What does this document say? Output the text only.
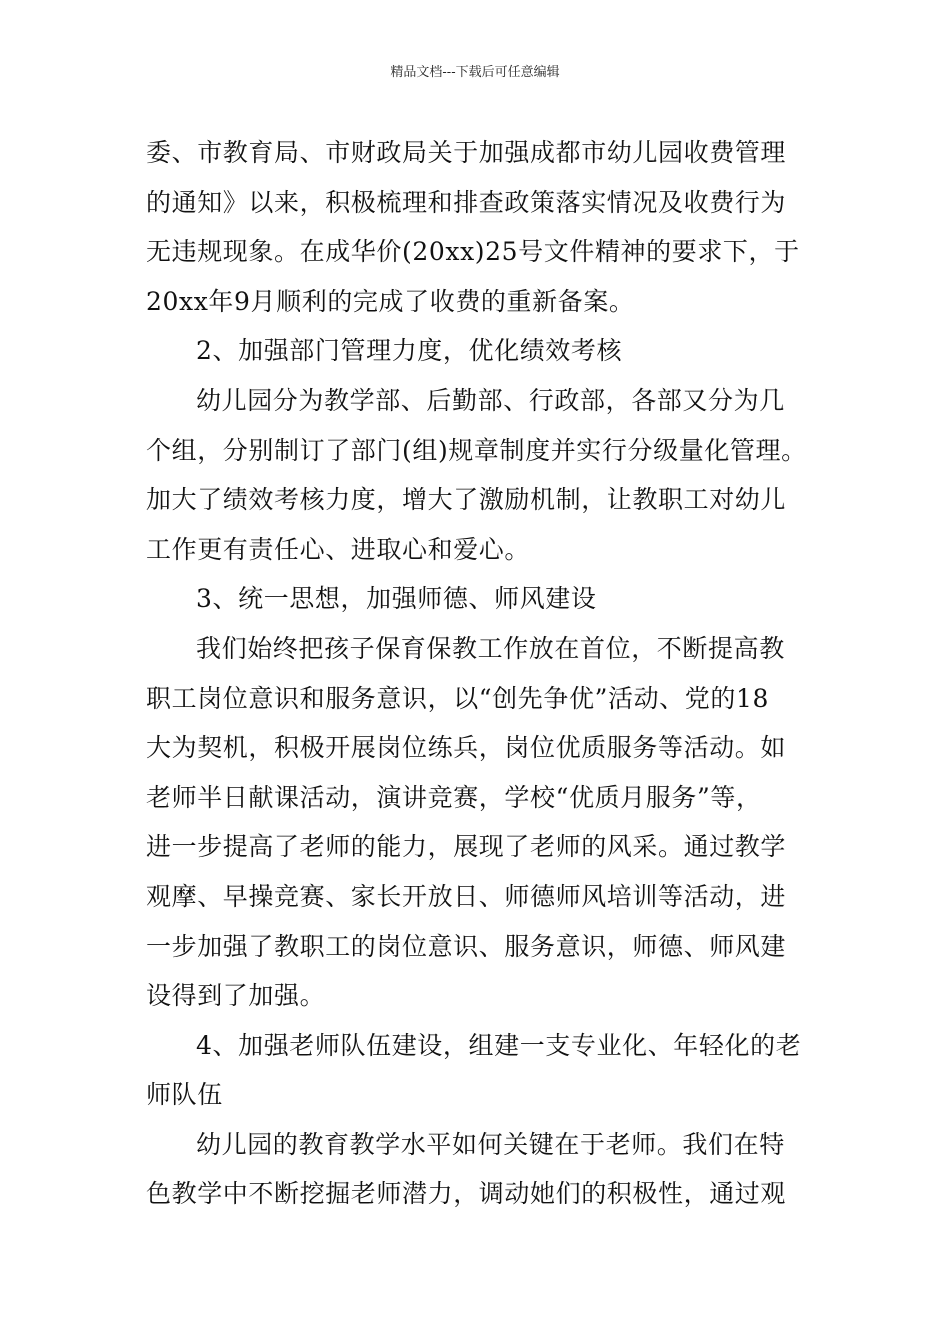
精品文档---下载后可任意编辑
委、市教育局、市财政局关于加强成都市幼儿园收费管理
的通知》以来，积极梳理和排查政策落实情况及收费行为
无违规现象。在成华价(20xx)25号文件精神的要求下，于
20xx年9月顺利的完成了收费的重新备案。
2、加强部门管理力度，优化绩效考核
幼儿园分为教学部、后勤部、行政部，各部又分为几
个组，分别制订了部门(组)规章制度并实行分级量化管理。
加大了绩效考核力度，增大了激励机制，让教职工对幼儿
工作更有责任心、进取心和爱心。
3、统一思想，加强师德、师风建设
我们始终把孩子保育保教工作放在首位，不断提高教
职工岗位意识和服务意识，以“创先争优”活动、党的18
大为契机，积极开展岗位练兵，岗位优质服务等活动。如
老师半日献课活动，演讲竞赛，学校“优质月服务”等，
进一步提高了老师的能力，展现了老师的风采。通过教学
观摩、早操竞赛、家长开放日、师德师风培训等活动，进
一步加强了教职工的岗位意识、服务意识，师德、师风建
设得到了加强。
4、加强老师队伍建设，组建一支专业化、年轻化的老
师队伍
幼儿园的教育教学水平如何关键在于老师。我们在特
色教学中不断挖掘老师潜力，调动她们的积极性，通过观
